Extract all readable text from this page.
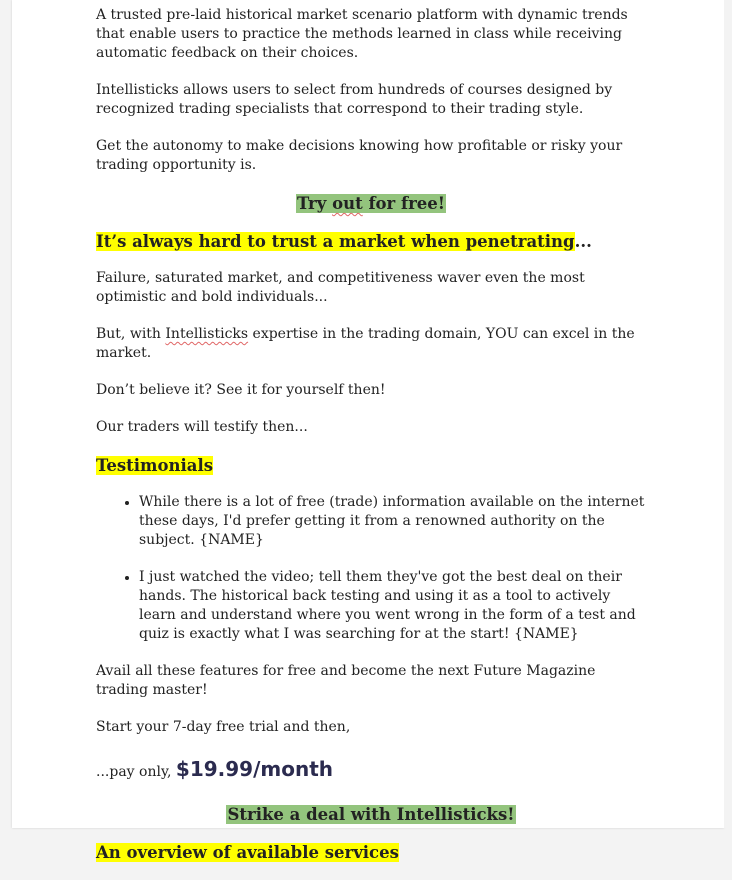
A trusted pre-laid historical market scenario platform with dynamic trends that enable users to practice the methods learned in class while receiving automatic feedback on their choices.

Intellisticks allows users to select from hundreds of courses designed by recognized trading specialists that correspond to their trading style.

Get the autonomy to make decisions knowing how profitable or risky your trading opportunity is.

Try out for free!
It’s always hard to trust a market when penetrating...

Failure, saturated market, and competitiveness waver even the most optimistic and bold individuals...

But, with Intellisticks expertise in the trading domain, YOU can excel in the market.

Don’t believe it? See it for yourself then!

Our traders will testify then...

Testimonials
• While there is a lot of free (trade) information available on the internet these days, I'd prefer getting it from a renowned authority on the subject. {NAME}
• I just watched the video; tell them they've got the best deal on their hands. The historical back testing and using it as a tool to actively learn and understand where you went wrong in the form of a test and quiz is exactly what I was searching for at the start! {NAME}

Avail all these features for free and become the next Future Magazine trading master!

Start your 7-day free trial and then,

...pay only, $19.99/month

Strike a deal with Intellisticks!
An overview of available services
